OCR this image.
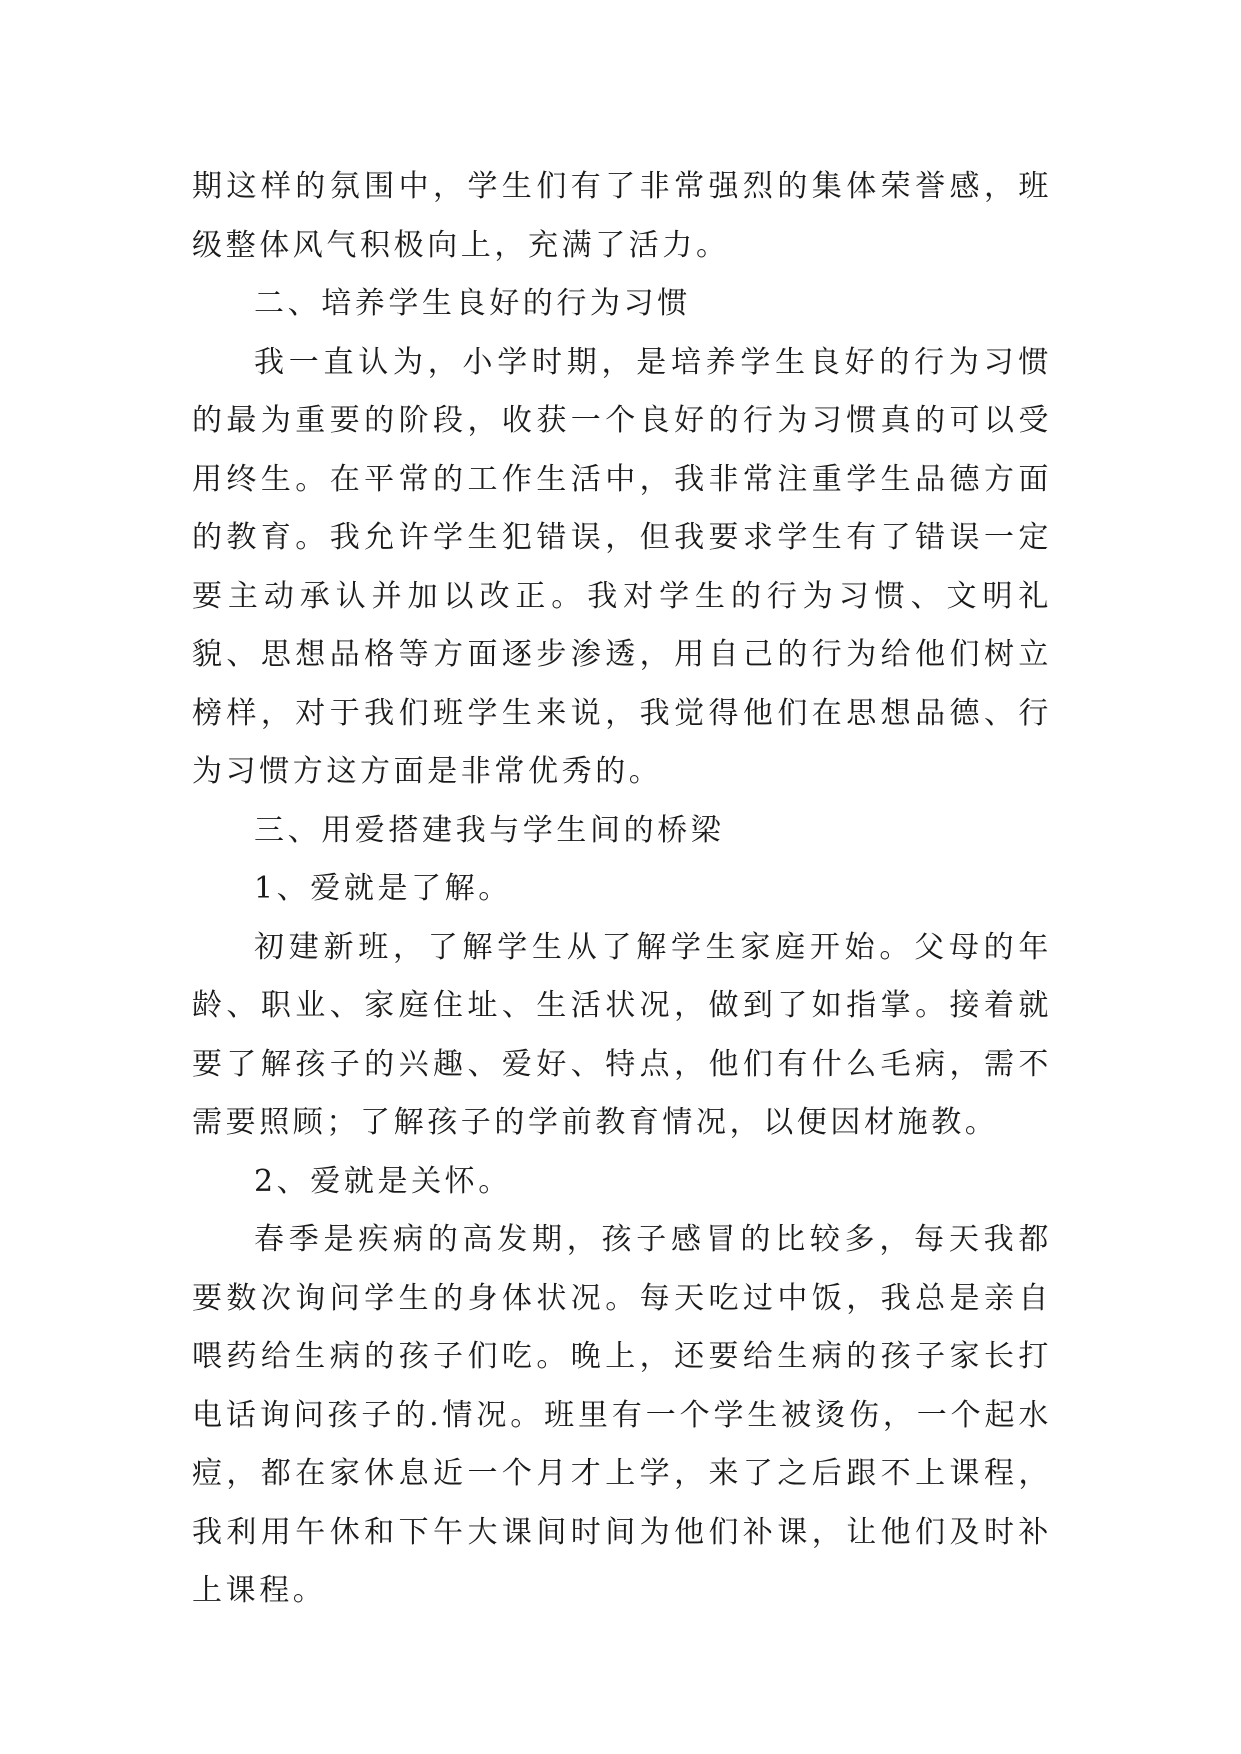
期这样的氛围中，学生们有了非常强烈的集体荣誉感，班级整体风气积极向上，充满了活力。

二、培养学生良好的行为习惯

我一直认为，小学时期，是培养学生良好的行为习惯的最为重要的阶段，收获一个良好的行为习惯真的可以受用终生。在平常的工作生活中，我非常注重学生品德方面的教育。我允许学生犯错误，但我要求学生有了错误一定要主动承认并加以改正。我对学生的行为习惯、文明礼貌、思想品格等方面逐步渗透，用自己的行为给他们树立榜样，对于我们班学生来说，我觉得他们在思想品德、行为习惯方这方面是非常优秀的。

三、用爱搭建我与学生间的桥梁

1、爱就是了解。

初建新班，了解学生从了解学生家庭开始。父母的年龄、职业、家庭住址、生活状况，做到了如指掌。接着就要了解孩子的兴趣、爱好、特点，他们有什么毛病，需不需要照顾；了解孩子的学前教育情况，以便因材施教。

2、爱就是关怀。

春季是疾病的高发期，孩子感冒的比较多，每天我都要数次询问学生的身体状况。每天吃过中饭，我总是亲自喂药给生病的孩子们吃。晚上，还要给生病的孩子家长打电话询问孩子的.情况。班里有一个学生被烫伤，一个起水痘，都在家休息近一个月才上学，来了之后跟不上课程，我利用午休和下午大课间时间为他们补课，让他们及时补上课程。
